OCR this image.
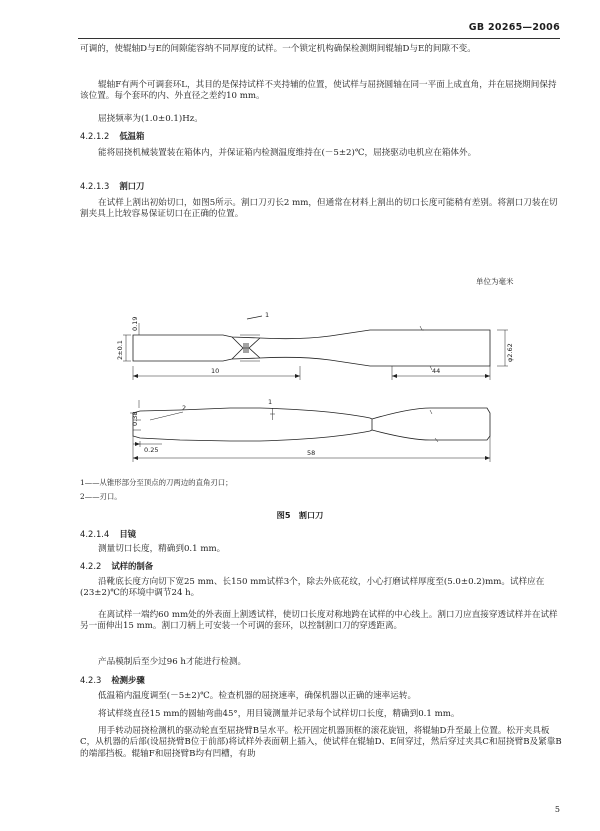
GB 20265—2006

可调的，使辊轴D与E的间隙能容纳不同厚度的试样。一个锁定机构确保检测期间辊轴D与E的间隙不变。

辊轴F有两个可调套环L，其目的是保持试样不夹持辅的位置，使试样与屈挠圆轴在同一平面上成直角，并在屈挠期间保持该位置。每个套环的内、外直径之差约10 mm。

屈挠频率为(1.0±0.1)Hz。

4.2.1.2 低温箱

能将屈挠机械装置装在箱体内，并保证箱内检测温度维持在(－5±2)℃，屈挠驱动电机应在箱体外。

4.2.1.3 割口刀

在试样上割出初始切口，如图5所示。割口刀刃长2 mm，但通常在材料上割出的切口长度可能稍有差别。将割口刀装在切割夹具上比较容易保证切口在正确的位置。

单位为毫米
1
0.19
2±0.1
10	44
φ2.62
1
2
0.38
0.25	58
1——从锥形部分至顶点的刀两边的直角刃口；
2——刃口。
图5　割口刀
4.2.1.4 目镜

测量切口长度，精确到0.1 mm。

4.2.2 试样的制备

沿靴底长度方向切下宽25 mm、长150 mm试样3个，除去外底花纹，小心打磨试样厚度至(5.0±0.2)mm。试样应在(23±2)℃的环境中调节24 h。

在离试样一端约60 mm处的外表面上割透试样，使切口长度对称地跨在试样的中心线上。割口刀应直接穿透试样并在试样另一面伸出15 mm。割口刀柄上可安装一个可调的套环，以控制割口刀的穿透距离。

产品模制后至少过96 h才能进行检测。

4.2.3 检测步骤

低温箱内温度调至(－5±2)℃。检查机器的屈挠速率，确保机器以正确的速率运转。

将试样绕直径15 mm的圆轴弯曲45°，用目镜测量并记录每个试样切口长度，精确到0.1 mm。

用手转动屈挠检测机的驱动轮直至屈挠臂B呈水平。松开固定机器顶框的滚花旋钮，将辊轴D升至最上位置。松开夹具板C，从机器的后部(设屈挠臂B位于前部)将试样外表面朝上插入，使试样在辊轴D、E间穿过，然后穿过夹具C和屈挠臂B及紧靠B的端部挡板。辊轴F和屈挠臂B均有凹槽，有助

5
